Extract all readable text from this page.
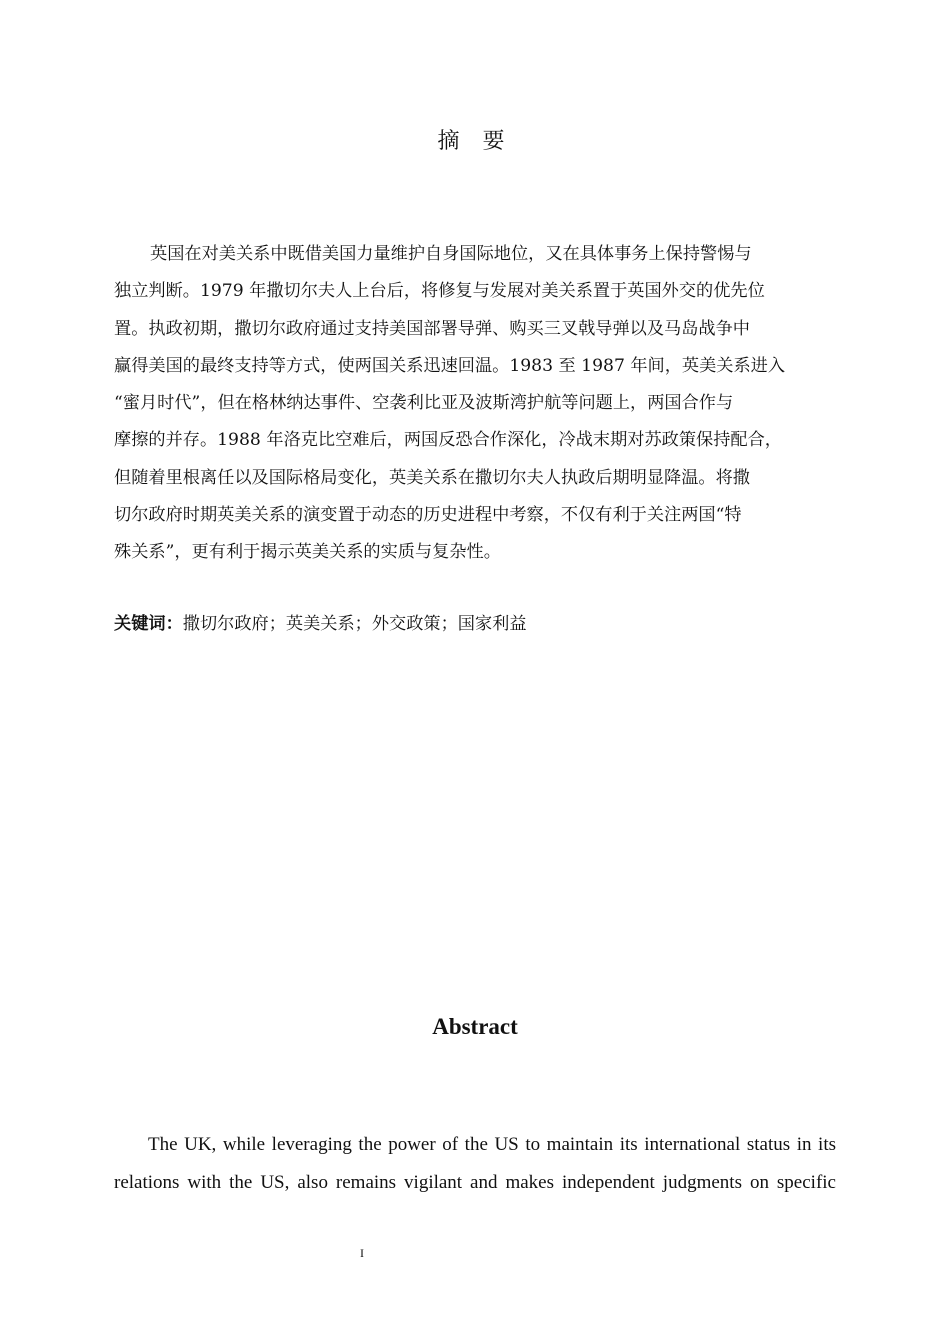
摘 要

英国在对美关系中既借美国力量维护自身国际地位，又在具体事务上保持警惕与
独立判断。1979 年撒切尔夫人上台后，将修复与发展对美关系置于英国外交的优先位
置。执政初期，撒切尔政府通过支持美国部署导弹、购买三叉戟导弹以及马岛战争中
赢得美国的最终支持等方式，使两国关系迅速回温。1983 至 1987 年间，英美关系进入
“蜜月时代”，但在格林纳达事件、空袭利比亚及波斯湾护航等问题上，两国合作与
摩擦的并存。1988 年洛克比空难后，两国反恐合作深化，冷战末期对苏政策保持配合，
但随着里根离任以及国际格局变化，英美关系在撒切尔夫人执政后期明显降温。将撒
切尔政府时期英美关系的演变置于动态的历史进程中考察，不仅有利于关注两国“特
殊关系”，更有利于揭示英美关系的实质与复杂性。

关键词：撒切尔政府；英美关系；外交政策；国家利益

Abstract

The UK, while leveraging the power of the US to maintain its international status in its
relations with the US, also remains vigilant and makes independent judgments on specific

I
